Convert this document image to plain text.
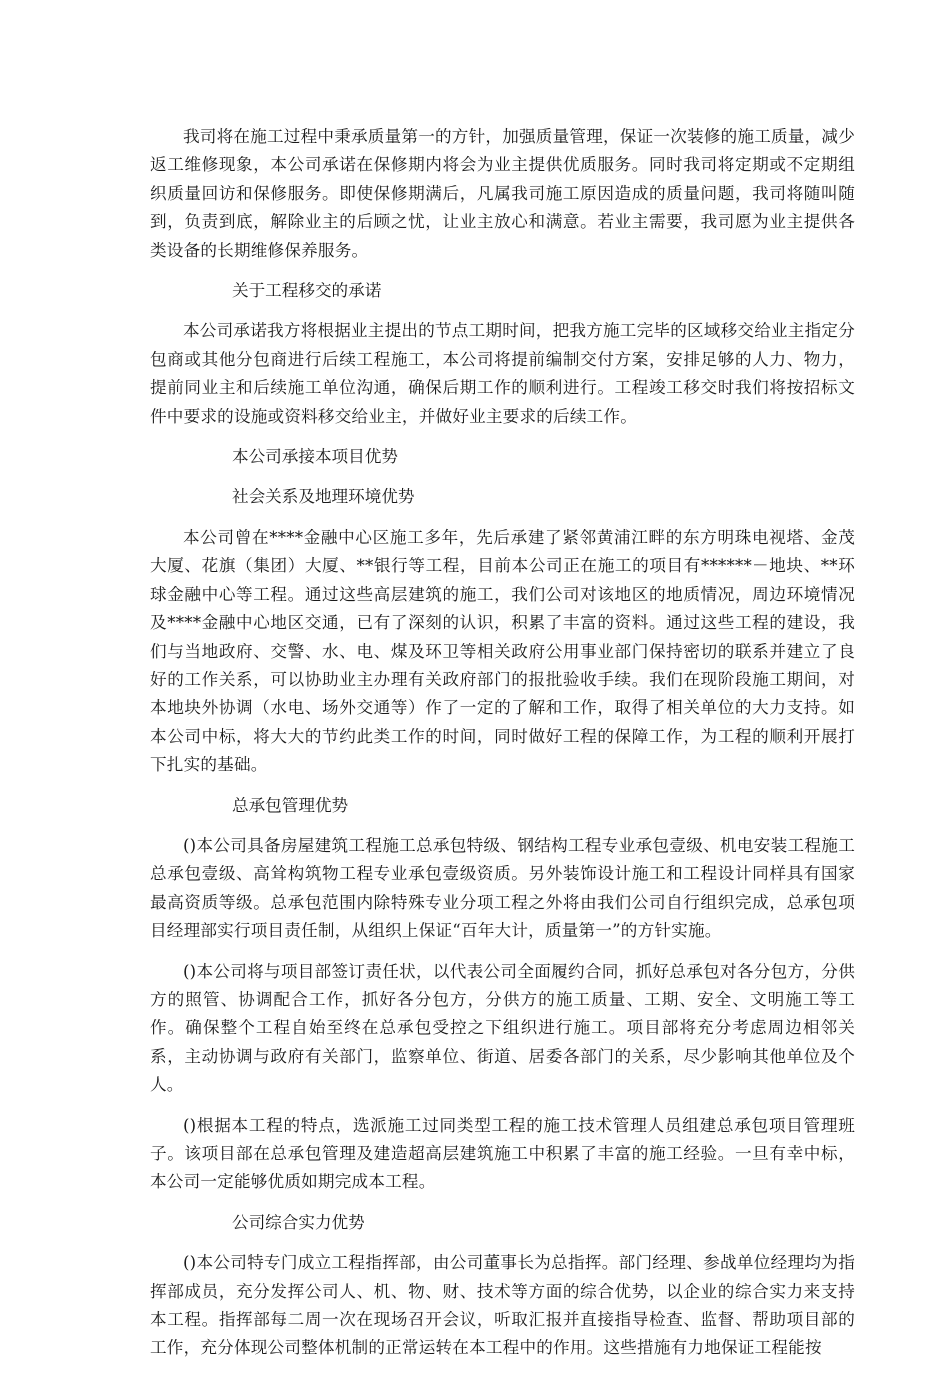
我司将在施工过程中秉承质量第一的方针，加强质量管理，保证一次装修的施工质量，减少返工维修现象，本公司承诺在保修期内将会为业主提供优质服务。同时我司将定期或不定期组织质量回访和保修服务。即使保修期满后，凡属我司施工原因造成的质量问题，我司将随叫随到，负责到底，解除业主的后顾之忧，让业主放心和满意。若业主需要，我司愿为业主提供各类设备的长期维修保养服务。

关于工程移交的承诺

本公司承诺我方将根据业主提出的节点工期时间，把我方施工完毕的区域移交给业主指定分包商或其他分包商进行后续工程施工，本公司将提前编制交付方案，安排足够的人力、物力，提前同业主和后续施工单位沟通，确保后期工作的顺利进行。工程竣工移交时我们将按招标文件中要求的设施或资料移交给业主，并做好业主要求的后续工作。

本公司承接本项目优势

社会关系及地理环境优势

本公司曾在****金融中心区施工多年，先后承建了紧邻黄浦江畔的东方明珠电视塔、金茂大厦、花旗（集团）大厦、**银行等工程，目前本公司正在施工的项目有******－地块、**环球金融中心等工程。通过这些高层建筑的施工，我们公司对该地区的地质情况，周边环境情况及****金融中心地区交通，已有了深刻的认识，积累了丰富的资料。通过这些工程的建设，我们与当地政府、交警、水、电、煤及环卫等相关政府公用事业部门保持密切的联系并建立了良好的工作关系，可以协助业主办理有关政府部门的报批验收手续。我们在现阶段施工期间，对本地块外协调（水电、场外交通等）作了一定的了解和工作，取得了相关单位的大力支持。如本公司中标，将大大的节约此类工作的时间，同时做好工程的保障工作，为工程的顺利开展打下扎实的基础。

总承包管理优势

()本公司具备房屋建筑工程施工总承包特级、钢结构工程专业承包壹级、机电安装工程施工总承包壹级、高耸构筑物工程专业承包壹级资质。另外装饰设计施工和工程设计同样具有国家最高资质等级。总承包范围内除特殊专业分项工程之外将由我们公司自行组织完成，总承包项目经理部实行项目责任制，从组织上保证“百年大计，质量第一”的方针实施。

()本公司将与项目部签订责任状，以代表公司全面履约合同，抓好总承包对各分包方，分供方的照管、协调配合工作，抓好各分包方，分供方的施工质量、工期、安全、文明施工等工作。确保整个工程自始至终在总承包受控之下组织进行施工。项目部将充分考虑周边相邻关系，主动协调与政府有关部门，监察单位、街道、居委各部门的关系，尽少影响其他单位及个人。

()根据本工程的特点，选派施工过同类型工程的施工技术管理人员组建总承包项目管理班子。该项目部在总承包管理及建造超高层建筑施工中积累了丰富的施工经验。一旦有幸中标，本公司一定能够优质如期完成本工程。

公司综合实力优势

()本公司特专门成立工程指挥部，由公司董事长为总指挥。部门经理、参战单位经理均为指挥部成员，充分发挥公司人、机、物、财、技术等方面的综合优势，以企业的综合实力来支持本工程。指挥部每二周一次在现场召开会议，听取汇报并直接指导检查、监督、帮助项目部的工作，充分体现公司整体机制的正常运转在本工程中的作用。这些措施有力地保证工程能按
